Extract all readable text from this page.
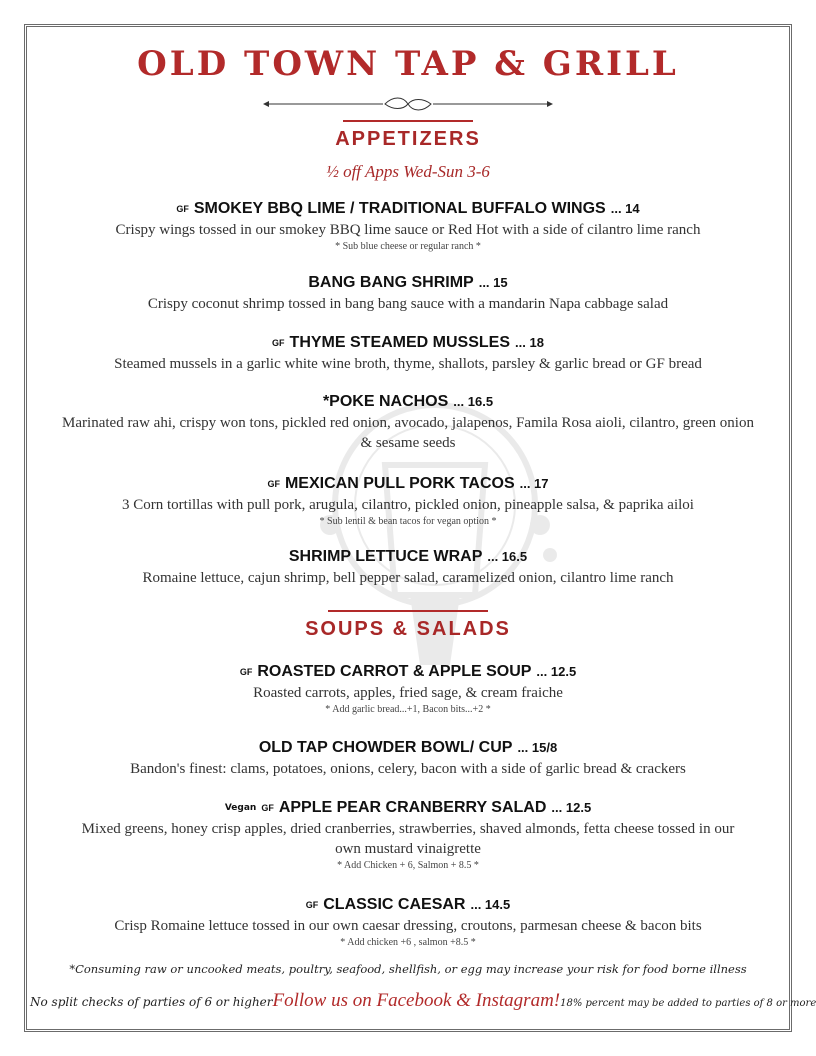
OLD TOWN TAP & GRILL
APPETIZERS
½ off Apps Wed-Sun 3-6
GF SMOKEY BBQ LIME / TRADITIONAL BUFFALO WINGS ... 14

Crispy wings tossed in our smokey BBQ lime sauce or Red Hot with a side of cilantro lime ranch

* Sub blue cheese or regular ranch *

BANG BANG SHRIMP ... 15

Crispy coconut shrimp tossed in bang bang sauce with a mandarin Napa cabbage salad

GF THYME STEAMED MUSSLES ... 18

Steamed mussels in a garlic white wine broth, thyme, shallots, parsley & garlic bread or GF bread

*POKE NACHOS ... 16.5

Marinated raw ahi, crispy won tons, pickled red onion, avocado, jalapenos, Famila Rosa aioli, cilantro, green onion & sesame seeds

GF MEXICAN PULL PORK TACOS ... 17

3 Corn tortillas with pull pork, arugula, cilantro, pickled onion, pineapple salsa, & paprika ailoi

* Sub lentil & bean tacos for vegan option *

SHRIMP LETTUCE WRAP ... 16.5

Romaine lettuce, cajun shrimp, bell pepper salad, caramelized onion, cilantro lime ranch

SOUPS & SALADS
GF ROASTED CARROT & APPLE SOUP ... 12.5

Roasted carrots, apples, fried sage, & cream fraiche

* Add garlic bread...+1, Bacon bits...+2 *

OLD TAP CHOWDER BOWL/ CUP ... 15/8

Bandon's finest: clams, potatoes, onions, celery, bacon with a side of garlic bread & crackers

Vegan GF APPLE PEAR CRANBERRY SALAD ... 12.5

Mixed greens, honey crisp apples, dried cranberries, strawberries, shaved almonds, fetta cheese tossed in our own mustard vinaigrette

* Add Chicken + 6, Salmon + 8.5 *

GF CLASSIC CAESAR ... 14.5

Crisp Romaine lettuce tossed in our own caesar dressing, croutons, parmesan cheese & bacon bits

* Add chicken +6 , salmon +8.5 *

*Consuming raw or uncooked meats, poultry, seafood, shellfish, or egg may increase your risk for food borne illness
No split checks of parties of 6 or higher Follow us on Facebook & Instagram! 18% percent may be added to parties of 8 or more
